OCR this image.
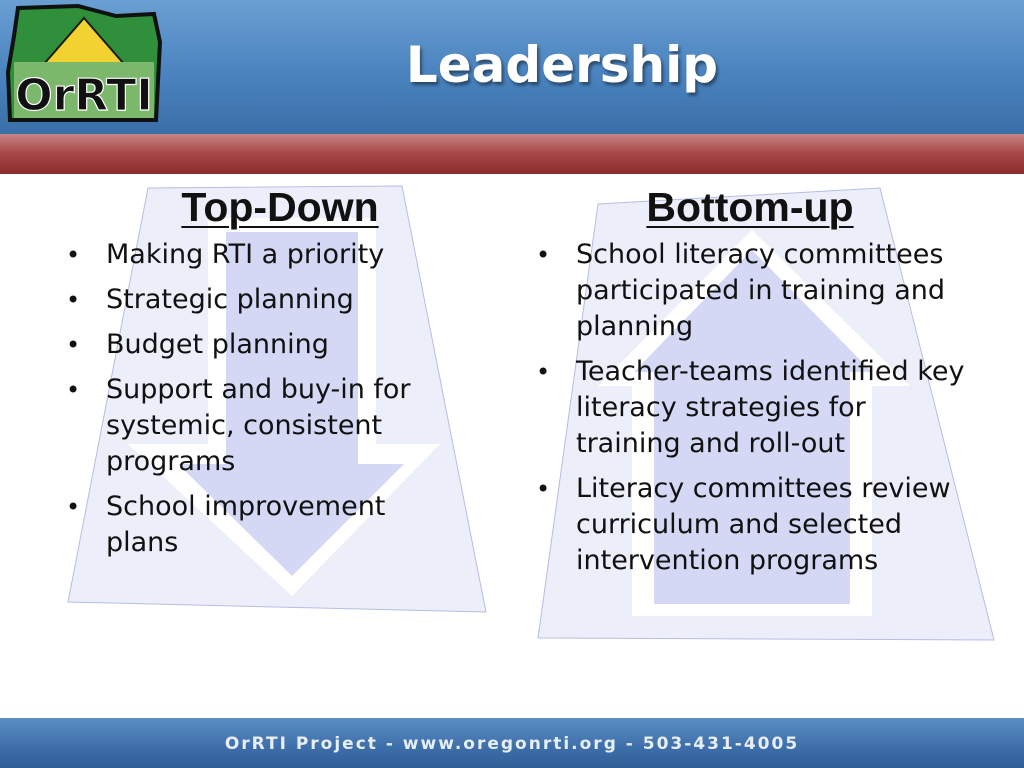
OrRTI
Leadership
Top-Down
• Making RTI a priority
• Strategic planning
• Budget planning
• Support and buy-in for systemic, consistent programs
• School improvement plans
Bottom-up
• School literacy committees participated in training and planning
• Teacher-teams identified key literacy strategies for training and roll-out
• Literacy committees review curriculum and selected intervention programs
OrRTI Project - www.oregonrti.org - 503-431-4005
